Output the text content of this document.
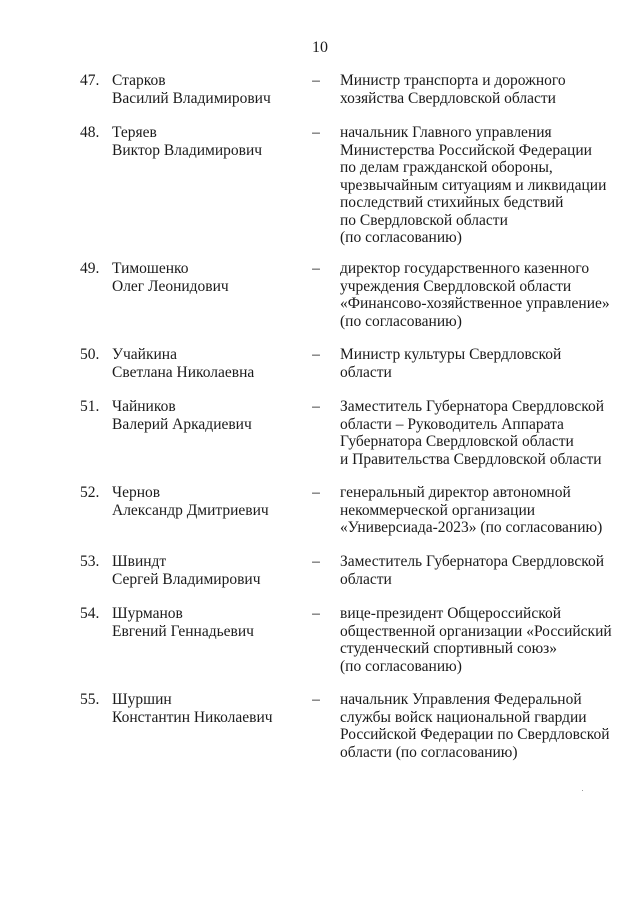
10
47. Старков
Василий Владимирович
– Министр транспорта и дорожного
хозяйства Свердловской области
48. Теряев
Виктор Владимирович
– начальник Главного управления
Министерства Российской Федерации
по делам гражданской обороны,
чрезвычайным ситуациям и ликвидации
последствий стихийных бедствий
по Свердловской области
(по согласованию)
49. Тимошенко
Олег Леонидович
– директор государственного казенного
учреждения Свердловской области
«Финансово-хозяйственное управление»
(по согласованию)
50. Учайкина
Светлана Николаевна
– Министр культуры Свердловской
области
51. Чайников
Валерий Аркадиевич
– Заместитель Губернатора Свердловской
области – Руководитель Аппарата
Губернатора Свердловской области
и Правительства Свердловской области
52. Чернов
Александр Дмитриевич
– генеральный директор автономной
некоммерческой организации
«Универсиада-2023» (по согласованию)
53. Швиндт
Сергей Владимирович
– Заместитель Губернатора Свердловской
области
54. Шурманов
Евгений Геннадьевич
– вице-президент Общероссийской
общественной организации «Российский
студенческий спортивный союз»
(по согласованию)
55. Шуршин
Константин Николаевич
– начальник Управления Федеральной
службы войск национальной гвардии
Российской Федерации по Свердловской
области (по согласованию)
